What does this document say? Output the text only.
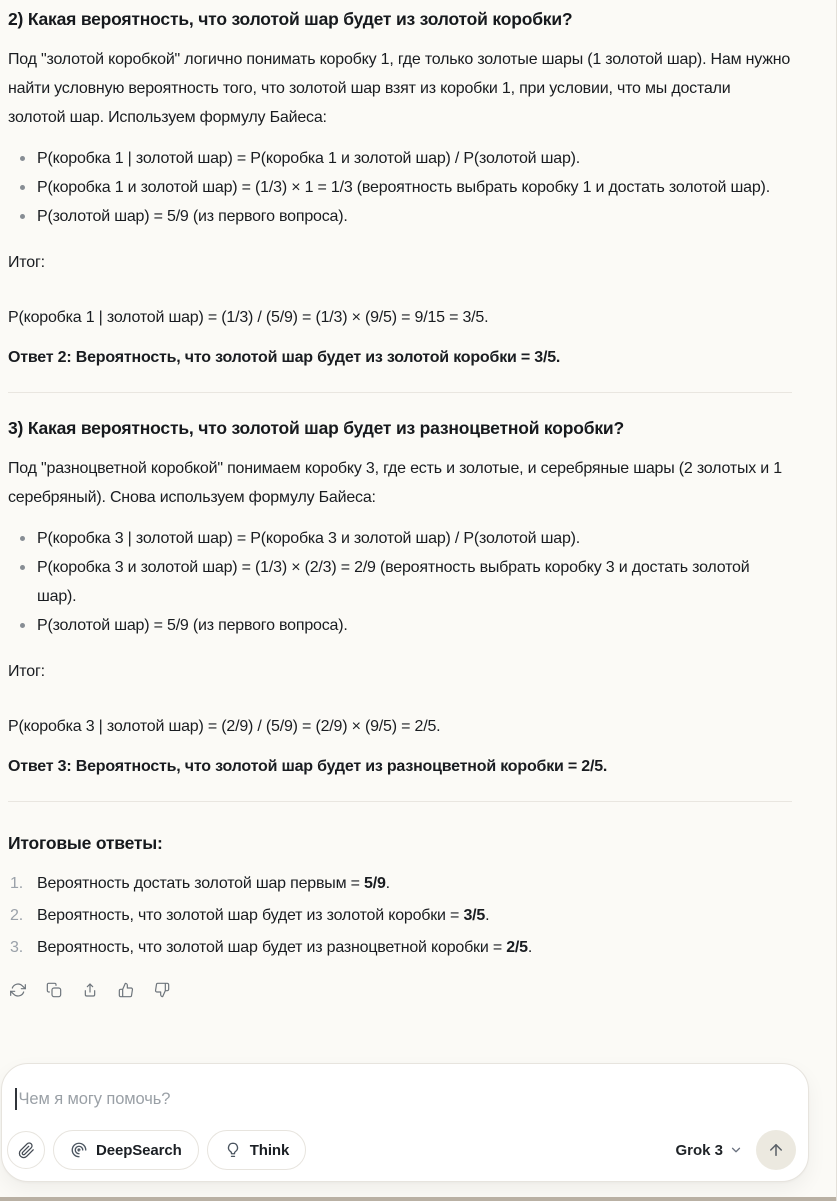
2) Какая вероятность, что золотой шар будет из золотой коробки?

Под "золотой коробкой" логично понимать коробку 1, где только золотые шары (1 золотой шар). Нам нужно найти условную вероятность того, что золотой шар взят из коробки 1, при условии, что мы достали золотой шар. Используем формулу Байеса:

P(коробка 1 | золотой шар) = P(коробка 1 и золотой шар) / P(золотой шар).
P(коробка 1 и золотой шар) = (1/3) × 1 = 1/3 (вероятность выбрать коробку 1 и достать золотой шар).
P(золотой шар) = 5/9 (из первого вопроса).

Итог:

P(коробка 1 | золотой шар) = (1/3) / (5/9) = (1/3) × (9/5) = 9/15 = 3/5.

Ответ 2: Вероятность, что золотой шар будет из золотой коробки = 3/5.

3) Какая вероятность, что золотой шар будет из разноцветной коробки?

Под "разноцветной коробкой" понимаем коробку 3, где есть и золотые, и серебряные шары (2 золотых и 1 серебряный). Снова используем формулу Байеса:

P(коробка 3 | золотой шар) = P(коробка 3 и золотой шар) / P(золотой шар).
P(коробка 3 и золотой шар) = (1/3) × (2/3) = 2/9 (вероятность выбрать коробку 3 и достать золотой шар).
P(золотой шар) = 5/9 (из первого вопроса).

Итог:

P(коробка 3 | золотой шар) = (2/9) / (5/9) = (2/9) × (9/5) = 2/5.

Ответ 3: Вероятность, что золотой шар будет из разноцветной коробки = 2/5.

Итоговые ответы:
1. Вероятность достать золотой шар первым = 5/9.
2. Вероятность, что золотой шар будет из золотой коробки = 3/5.
3. Вероятность, что золотой шар будет из разноцветной коробки = 2/5.
Чем я могу помочь?
DeepSearch	Think	Grok 3
